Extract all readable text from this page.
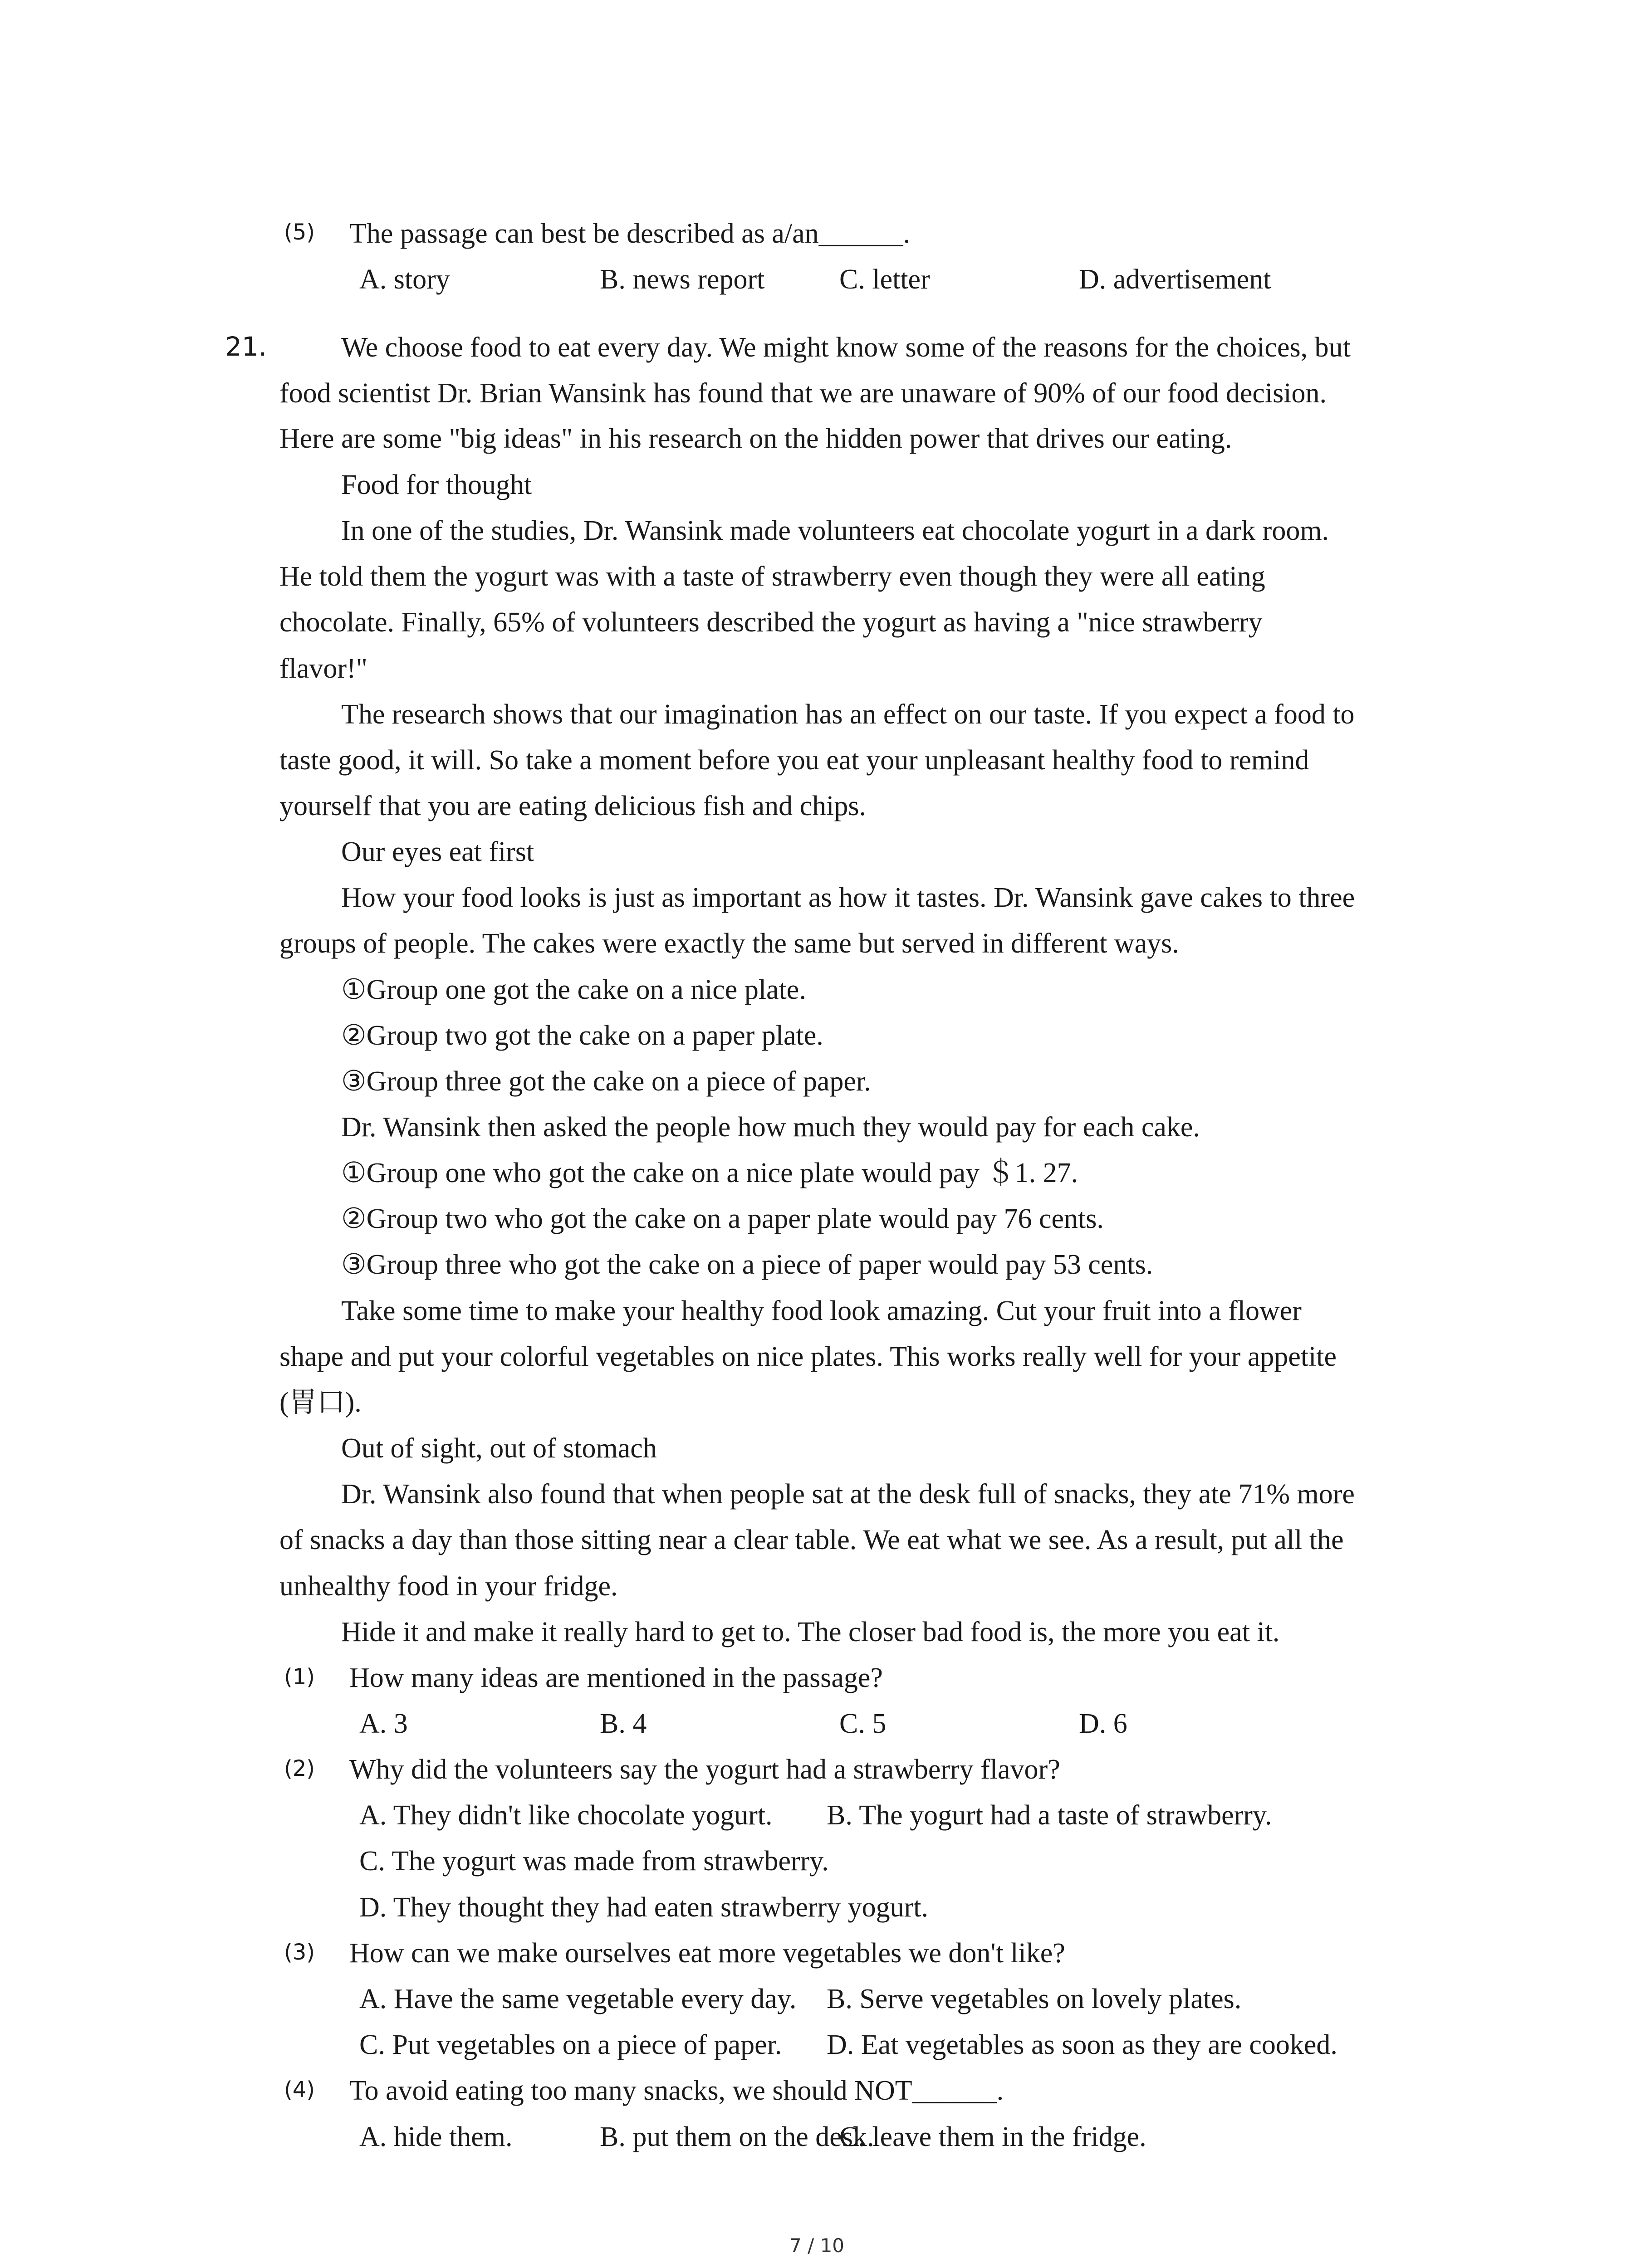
(5) The passage can best be described as a/an______.
A. story	B. news report	C. letter	D. advertisement
21.	We choose food to eat every day. We might know some of the reasons for the choices, but
food scientist Dr. Brian Wansink has found that we are unaware of 90% of our food decision.
Here are some "big ideas" in his research on the hidden power that drives our eating.
Food for thought
In one of the studies, Dr. Wansink made volunteers eat chocolate yogurt in a dark room.
He told them the yogurt was with a taste of strawberry even though they were all eating
chocolate. Finally, 65% of volunteers described the yogurt as having a "nice strawberry
flavor!"
The research shows that our imagination has an effect on our taste. If you expect a food to
taste good, it will. So take a moment before you eat your unpleasant healthy food to remind
yourself that you are eating delicious fish and chips.
Our eyes eat first
How your food looks is just as important as how it tastes. Dr. Wansink gave cakes to three
groups of people. The cakes were exactly the same but served in different ways.
①Group one got the cake on a nice plate.
②Group two got the cake on a paper plate.
③Group three got the cake on a piece of paper.
Dr. Wansink then asked the people how much they would pay for each cake.
①Group one who got the cake on a nice plate would pay ＄1. 27.
②Group two who got the cake on a paper plate would pay 76 cents.
③Group three who got the cake on a piece of paper would pay 53 cents.
Take some time to make your healthy food look amazing. Cut your fruit into a flower
shape and put your colorful vegetables on nice plates. This works really well for your appetite
(胃口).
Out of sight, out of stomach
Dr. Wansink also found that when people sat at the desk full of snacks, they ate 71% more
of snacks a day than those sitting near a clear table. We eat what we see. As a result, put all the
unhealthy food in your fridge.
Hide it and make it really hard to get to. The closer bad food is, the more you eat it.
(1) How many ideas are mentioned in the passage?
A. 3	B. 4	C. 5	D. 6
(2) Why did the volunteers say the yogurt had a strawberry flavor?
A. They didn't like chocolate yogurt. B. The yogurt had a taste of strawberry.
C. The yogurt was made from strawberry.
D. They thought they had eaten strawberry yogurt.
(3) How can we make ourselves eat more vegetables we don't like?
A. Have the same vegetable every day. B. Serve vegetables on lovely plates.
C. Put vegetables on a piece of paper. D. Eat vegetables as soon as they are cooked.
(4) To avoid eating too many snacks, we should NOT______.
A. hide them.	B. put them on the desk.
C. leave them in the fridge.
7 / 10
